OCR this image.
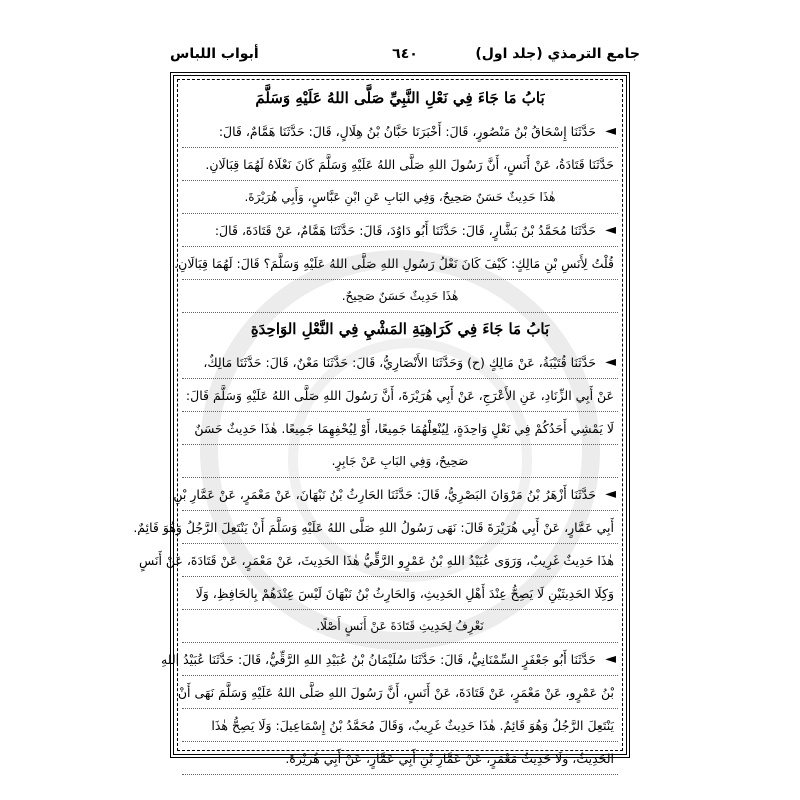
جامع الترمذي (جلد اول)
٦٤٠
أبواب اللباس
بَابُ مَا جَاءَ فِي نَعْلِ النَّبِيِّ صَلَّى اللهُ عَلَيْهِ وَسَلَّمَ
◄
حَدَّثَنَا إِسْحَاقُ بْنُ مَنْصُورٍ، قَالَ: أَخْبَرَنَا حَبَّانُ بْنُ هِلَالٍ، قَالَ: حَدَّثَنَا هَمَّامٌ، قَالَ:
حَدَّثَنَا قَتَادَةُ، عَنْ أَنَسٍ، أَنَّ رَسُولَ اللهِ صَلَّى اللهُ عَلَيْهِ وَسَلَّمَ كَانَ نَعْلَاهُ لَهُمَا قِبَالَانِ.
هٰذَا حَدِيثٌ حَسَنٌ صَحِيحٌ، وَفِي البَابِ عَنِ ابْنِ عَبَّاسٍ، وَأَبِي هُرَيْرَةَ.
◄
حَدَّثَنَا مُحَمَّدُ بْنُ بَشَّارٍ، قَالَ: حَدَّثَنَا أَبُو دَاوُدَ، قَالَ: حَدَّثَنَا هَمَّامٌ، عَنْ قَتَادَةَ، قَالَ:
قُلْتُ لِأَنَسِ بْنِ مَالِكٍ: كَيْفَ كَانَ نَعْلُ رَسُولِ اللهِ صَلَّى اللهُ عَلَيْهِ وَسَلَّمَ؟ قَالَ: لَهُمَا قِبَالَانِ.
هٰذَا حَدِيثٌ حَسَنٌ صَحِيحٌ.
بَابُ مَا جَاءَ فِي كَرَاهِيَةِ المَشْيِ فِي النَّعْلِ الوَاحِدَةِ
◄
حَدَّثَنَا قُتَيْبَةُ، عَنْ مَالِكٍ (ح) وَحَدَّثَنَا الأَنْصَارِيُّ، قَالَ: حَدَّثَنَا مَعْنٌ، قَالَ: حَدَّثَنَا مَالِكٌ،
عَنْ أَبِي الزِّنَادِ، عَنِ الأَعْرَجِ، عَنْ أَبِي هُرَيْرَةَ، أَنَّ رَسُولَ اللهِ صَلَّى اللهُ عَلَيْهِ وَسَلَّمَ قَالَ:
لَا يَمْشِي أَحَدُكُمْ فِي نَعْلٍ وَاحِدَةٍ، لِيُنْعِلْهُمَا جَمِيعًا، أَوْ لِيُحْفِهِمَا جَمِيعًا. هٰذَا حَدِيثٌ حَسَنٌ
صَحِيحٌ، وَفِي البَابِ عَنْ جَابِرٍ.
◄
حَدَّثَنَا أَزْهَرُ بْنُ مَرْوَانَ البَصْرِيُّ، قَالَ: حَدَّثَنَا الحَارِثُ بْنُ نَبْهَانَ، عَنْ مَعْمَرٍ، عَنْ عَمَّارِ بْنِ
أَبِي عَمَّارٍ، عَنْ أَبِي هُرَيْرَةَ قَالَ: نَهَى رَسُولُ اللهِ صَلَّى اللهُ عَلَيْهِ وَسَلَّمَ أَنْ يَنْتَعِلَ الرَّجُلُ وَهُوَ قَائِمٌ.
هٰذَا حَدِيثٌ غَرِيبٌ، وَرَوَى عُبَيْدُ اللهِ بْنُ عَمْرٍو الرَّقِّيُّ هٰذَا الحَدِيثَ، عَنْ مَعْمَرٍ، عَنْ قَتَادَةَ، عَنْ أَنَسٍ
وَكِلَا الحَدِيثَيْنِ لَا يَصِحُّ عِنْدَ أَهْلِ الحَدِيثِ، وَالحَارِثُ بْنُ نَبْهَانَ لَيْسَ عِنْدَهُمْ بِالحَافِظِ، وَلَا
نَعْرِفُ لِحَدِيثِ قَتَادَةَ عَنْ أَنَسٍ أَصْلًا.
◄
حَدَّثَنَا أَبُو جَعْفَرٍ السِّمْنَانِيُّ، قَالَ: حَدَّثَنَا سُلَيْمَانُ بْنُ عُبَيْدِ اللهِ الرَّقِّيُّ، قَالَ: حَدَّثَنَا عُبَيْدُ اللهِ
بْنُ عَمْرٍو، عَنْ مَعْمَرٍ، عَنْ قَتَادَةَ، عَنْ أَنَسٍ، أَنَّ رَسُولَ اللهِ صَلَّى اللهُ عَلَيْهِ وَسَلَّمَ نَهَى أَنْ
يَنْتَعِلَ الرَّجُلُ وَهُوَ قَائِمٌ. هٰذَا حَدِيثٌ غَرِيبٌ، وَقَالَ مُحَمَّدُ بْنُ إِسْمَاعِيلَ: وَلَا يَصِحُّ هٰذَا
الحَدِيثُ، وَلَا حَدِيثُ مَعْمَرٍ، عَنْ عَمَّارِ بْنِ أَبِي عَمَّارٍ، عَنْ أَبِي هُرَيْرَةَ.
